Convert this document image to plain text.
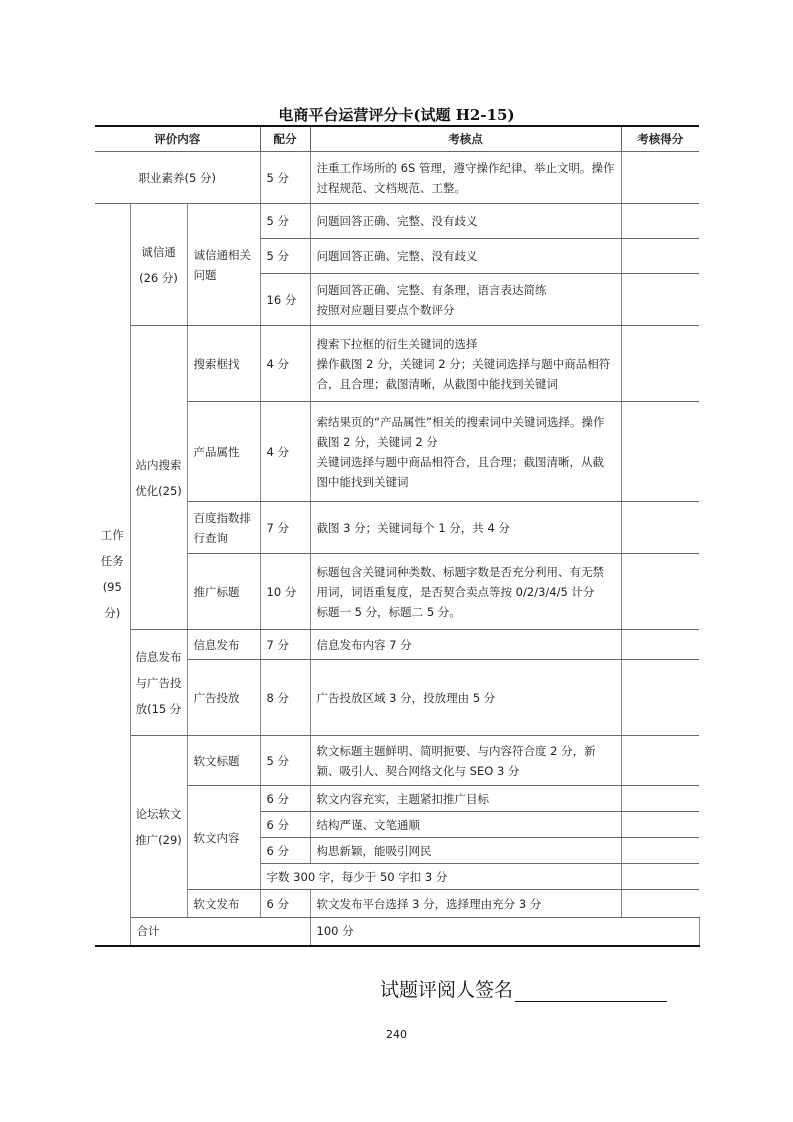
电商平台运营评分卡(试题 H2-15)
评价内容			配分	考核点	考核得分	
职业素养(5 分)			5 分	注重工作场所的 6S 管理，遵守操作纪律、举止文明。操作过程规范、文档规范、工整。		
工作任务(95分)	诚信通(26 分)	诚信通相关问题	5 分	问题回答正确、完整、没有歧义		
			5 分	问题回答正确、完整、没有歧义		
			16 分	问题回答正确、完整、有条理，语言表达简练
按照对应题目要点个数评分		

	站内搜索优化(25)	搜索框找	4 分	搜索下拉框的衍生关键词的选择
操作截图 2 分，关键词 2 分；关键词选择与题中商品相符合，且合理；截图清晰，从截图中能找到关键词		

		产品属性	4 分	索结果页的“产品属性”相关的搜索词中关键词选择。操作截图 2 分，关键词 2 分
关键词选择与题中商品相符合，且合理；截图清晰，从截图中能找到关键词		

		百度指数排行查询	7 分	截图 3 分；关键词每个 1 分，共 4 分		
		推广标题	10 分	标题包含关键词种类数、标题字数是否充分利用、有无禁用词，词语重复度，是否契合卖点等按 0/2/3/4/5 计分
标题一 5 分，标题二 5 分。		

	信息发布与广告投放(15 分	信息发布	7 分	信息发布内容 7 分		
		广告投放	8 分	广告投放区域 3 分，投放理由 5 分		
	论坛软文推广(29)	软文标题	5 分	软文标题主题鲜明、简明扼要、与内容符合度 2 分，新颖、吸引人、契合网络文化与 SEO 3 分		
		软文内容	6 分	软文内容充实，主题紧扣推广目标		
			6 分	结构严谨、文笔通顺		
			6 分	构思新颖，能吸引网民		
			字数 300 字，每少于 50 字扣 3 分			
		软文发布	6 分	软文发布平台选择 3 分，选择理由充分 3 分		
	合计			100 分		
试题评阅人签名
240
